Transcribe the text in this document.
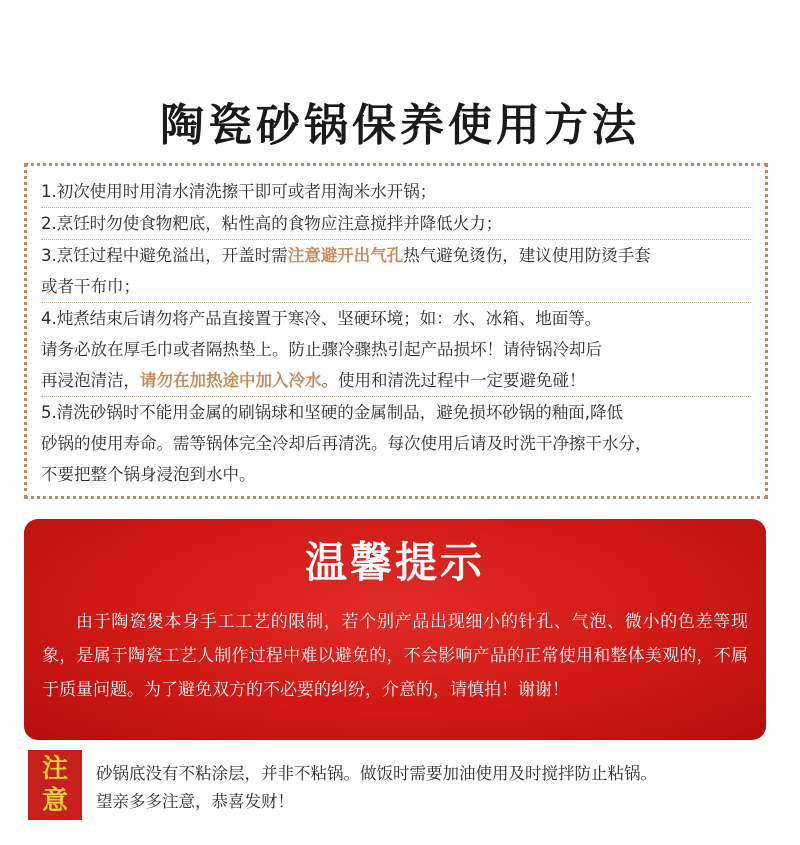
陶瓷砂锅保养使用方法
1.初次使用时用清水清洗擦干即可或者用淘米水开锅；
2.烹饪时勿使食物粑底，粘性高的食物应注意搅拌并降低火力；
3.烹饪过程中避免溢出，开盖时需注意避开出气孔热气避免烫伤，建议使用防烫手套
或者干布巾；
4.炖煮结束后请勿将产品直接置于寒冷、坚硬环境；如：水、冰箱、地面等。
请务必放在厚毛巾或者隔热垫上。防止骤冷骤热引起产品损坏！请待锅冷却后
再浸泡清洁，请勿在加热途中加入冷水。使用和清洗过程中一定要避免碰！
5.清洗砂锅时不能用金属的刷锅球和坚硬的金属制品，避免损坏砂锅的釉面,降低
砂锅的使用寿命。需等锅体完全冷却后再清洗。每次使用后请及时洗干净擦干水分，
不要把整个锅身浸泡到水中。
温馨提示
由于陶瓷煲本身手工工艺的限制，若个别产品出现细小的针孔、气泡、微小的色差等现象，是属于陶瓷工艺人制作过程中难以避免的，不会影响产品的正常使用和整体美观的，不属于质量问题。为了避免双方的不必要的纠纷，介意的，请慎拍！谢谢！
注
意
砂锅底没有不粘涂层，并非不粘锅。做饭时需要加油使用及时搅拌防止粘锅。
望亲多多注意，恭喜发财！
